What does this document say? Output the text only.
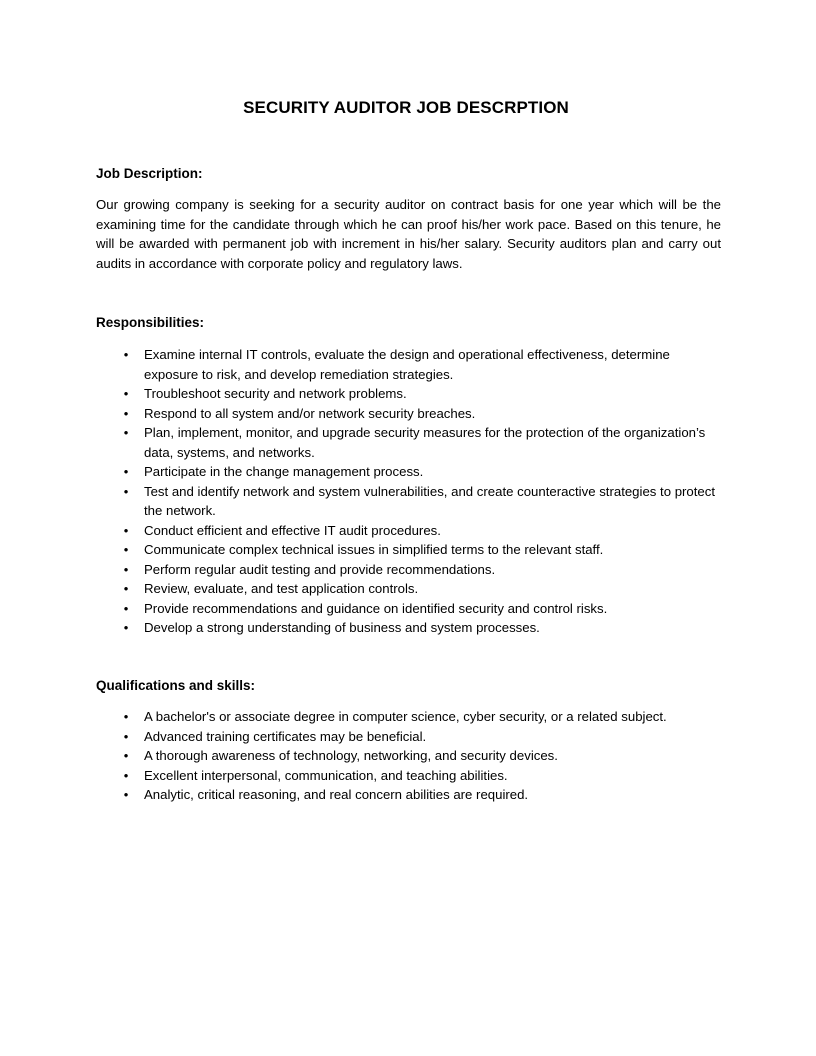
SECURITY AUDITOR JOB DESCRPTION
Job Description:

Our growing company is seeking for a security auditor on contract basis for one year which will be the examining time for the candidate through which he can proof his/her work pace. Based on this tenure, he will be awarded with permanent job with increment in his/her salary. Security auditors plan and carry out audits in accordance with corporate policy and regulatory laws.

Responsibilities:
• Examine internal IT controls, evaluate the design and operational effectiveness, determine exposure to risk, and develop remediation strategies.
• Troubleshoot security and network problems.
• Respond to all system and/or network security breaches.
• Plan, implement, monitor, and upgrade security measures for the protection of the organization’s data, systems, and networks.
• Participate in the change management process.
• Test and identify network and system vulnerabilities, and create counteractive strategies to protect the network.
• Conduct efficient and effective IT audit procedures.
• Communicate complex technical issues in simplified terms to the relevant staff.
• Perform regular audit testing and provide recommendations.
• Review, evaluate, and test application controls.
• Provide recommendations and guidance on identified security and control risks.
• Develop a strong understanding of business and system processes.
Qualifications and skills:
• A bachelor's or associate degree in computer science, cyber security, or a related subject.
• Advanced training certificates may be beneficial.
• A thorough awareness of technology, networking, and security devices.
• Excellent interpersonal, communication, and teaching abilities.
• Analytic, critical reasoning, and real concern abilities are required.
